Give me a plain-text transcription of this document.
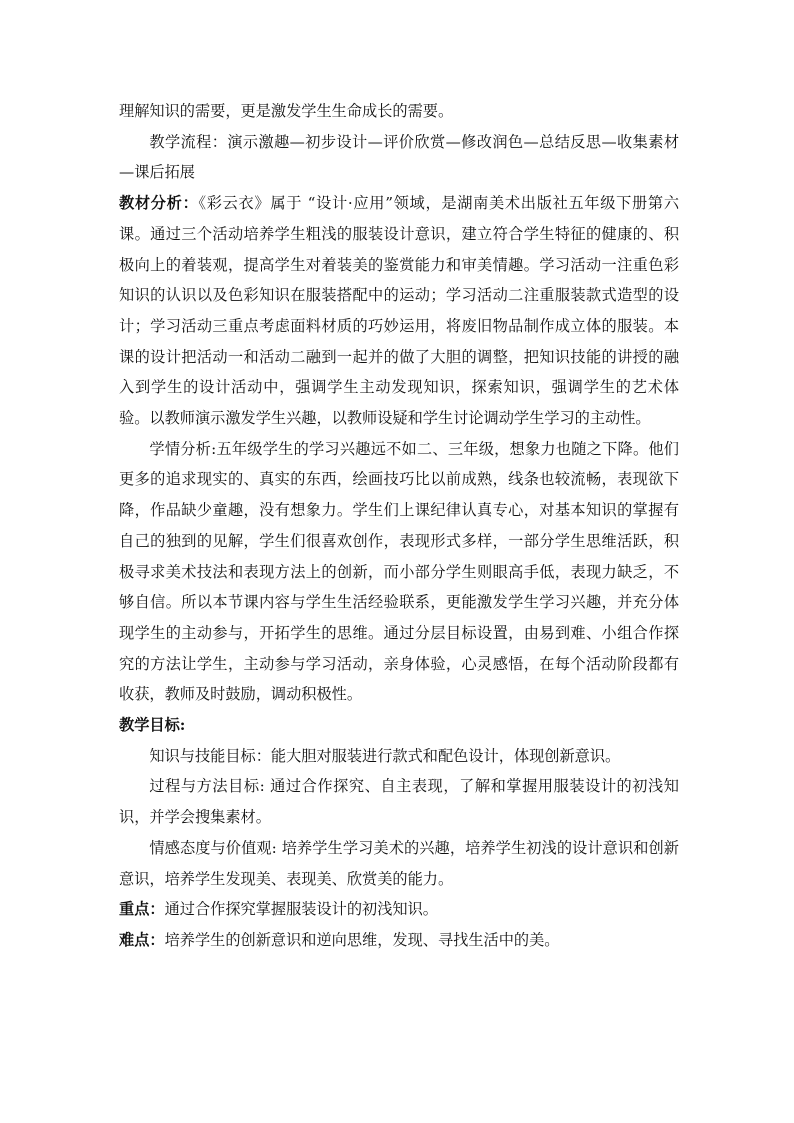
理解知识的需要，更是激发学生生命成长的需要。

教学流程：演示激趣—初步设计—评价欣赏—修改润色—总结反思—收集素材—课后拓展

教材分析：《彩云衣》属于 “设计·应用”领域，是湖南美术出版社五年级下册第六课。通过三个活动培养学生粗浅的服装设计意识，建立符合学生特征的健康的、积极向上的着装观，提高学生对着装美的鉴赏能力和审美情趣。学习活动一注重色彩知识的认识以及色彩知识在服装搭配中的运动；学习活动二注重服装款式造型的设计；学习活动三重点考虑面料材质的巧妙运用，将废旧物品制作成立体的服装。本课的设计把活动一和活动二融到一起并的做了大胆的调整，把知识技能的讲授的融入到学生的设计活动中，强调学生主动发现知识，探索知识，强调学生的艺术体验。以教师演示激发学生兴趣，以教师设疑和学生讨论调动学生学习的主动性。

学情分析:五年级学生的学习兴趣远不如二、三年级，想象力也随之下降。他们更多的追求现实的、真实的东西，绘画技巧比以前成熟，线条也较流畅，表现欲下降，作品缺少童趣，没有想象力。学生们上课纪律认真专心，对基本知识的掌握有自己的独到的见解，学生们很喜欢创作，表现形式多样，一部分学生思维活跃，积极寻求美术技法和表现方法上的创新，而小部分学生则眼高手低，表现力缺乏，不够自信。所以本节课内容与学生生活经验联系，更能激发学生学习兴趣，并充分体现学生的主动参与，开拓学生的思维。通过分层目标设置，由易到难、小组合作探究的方法让学生，主动参与学习活动，亲身体验，心灵感悟，在每个活动阶段都有收获，教师及时鼓励，调动积极性。

教学目标:

知识与技能目标：能大胆对服装进行款式和配色设计，体现创新意识。

过程与方法目标: 通过合作探究、自主表现，了解和掌握用服装设计的初浅知识，并学会搜集素材。

情感态度与价值观: 培养学生学习美术的兴趣，培养学生初浅的设计意识和创新意识，培养学生发现美、表现美、欣赏美的能力。

重点：通过合作探究掌握服装设计的初浅知识。

难点：培养学生的创新意识和逆向思维，发现、寻找生活中的美。
